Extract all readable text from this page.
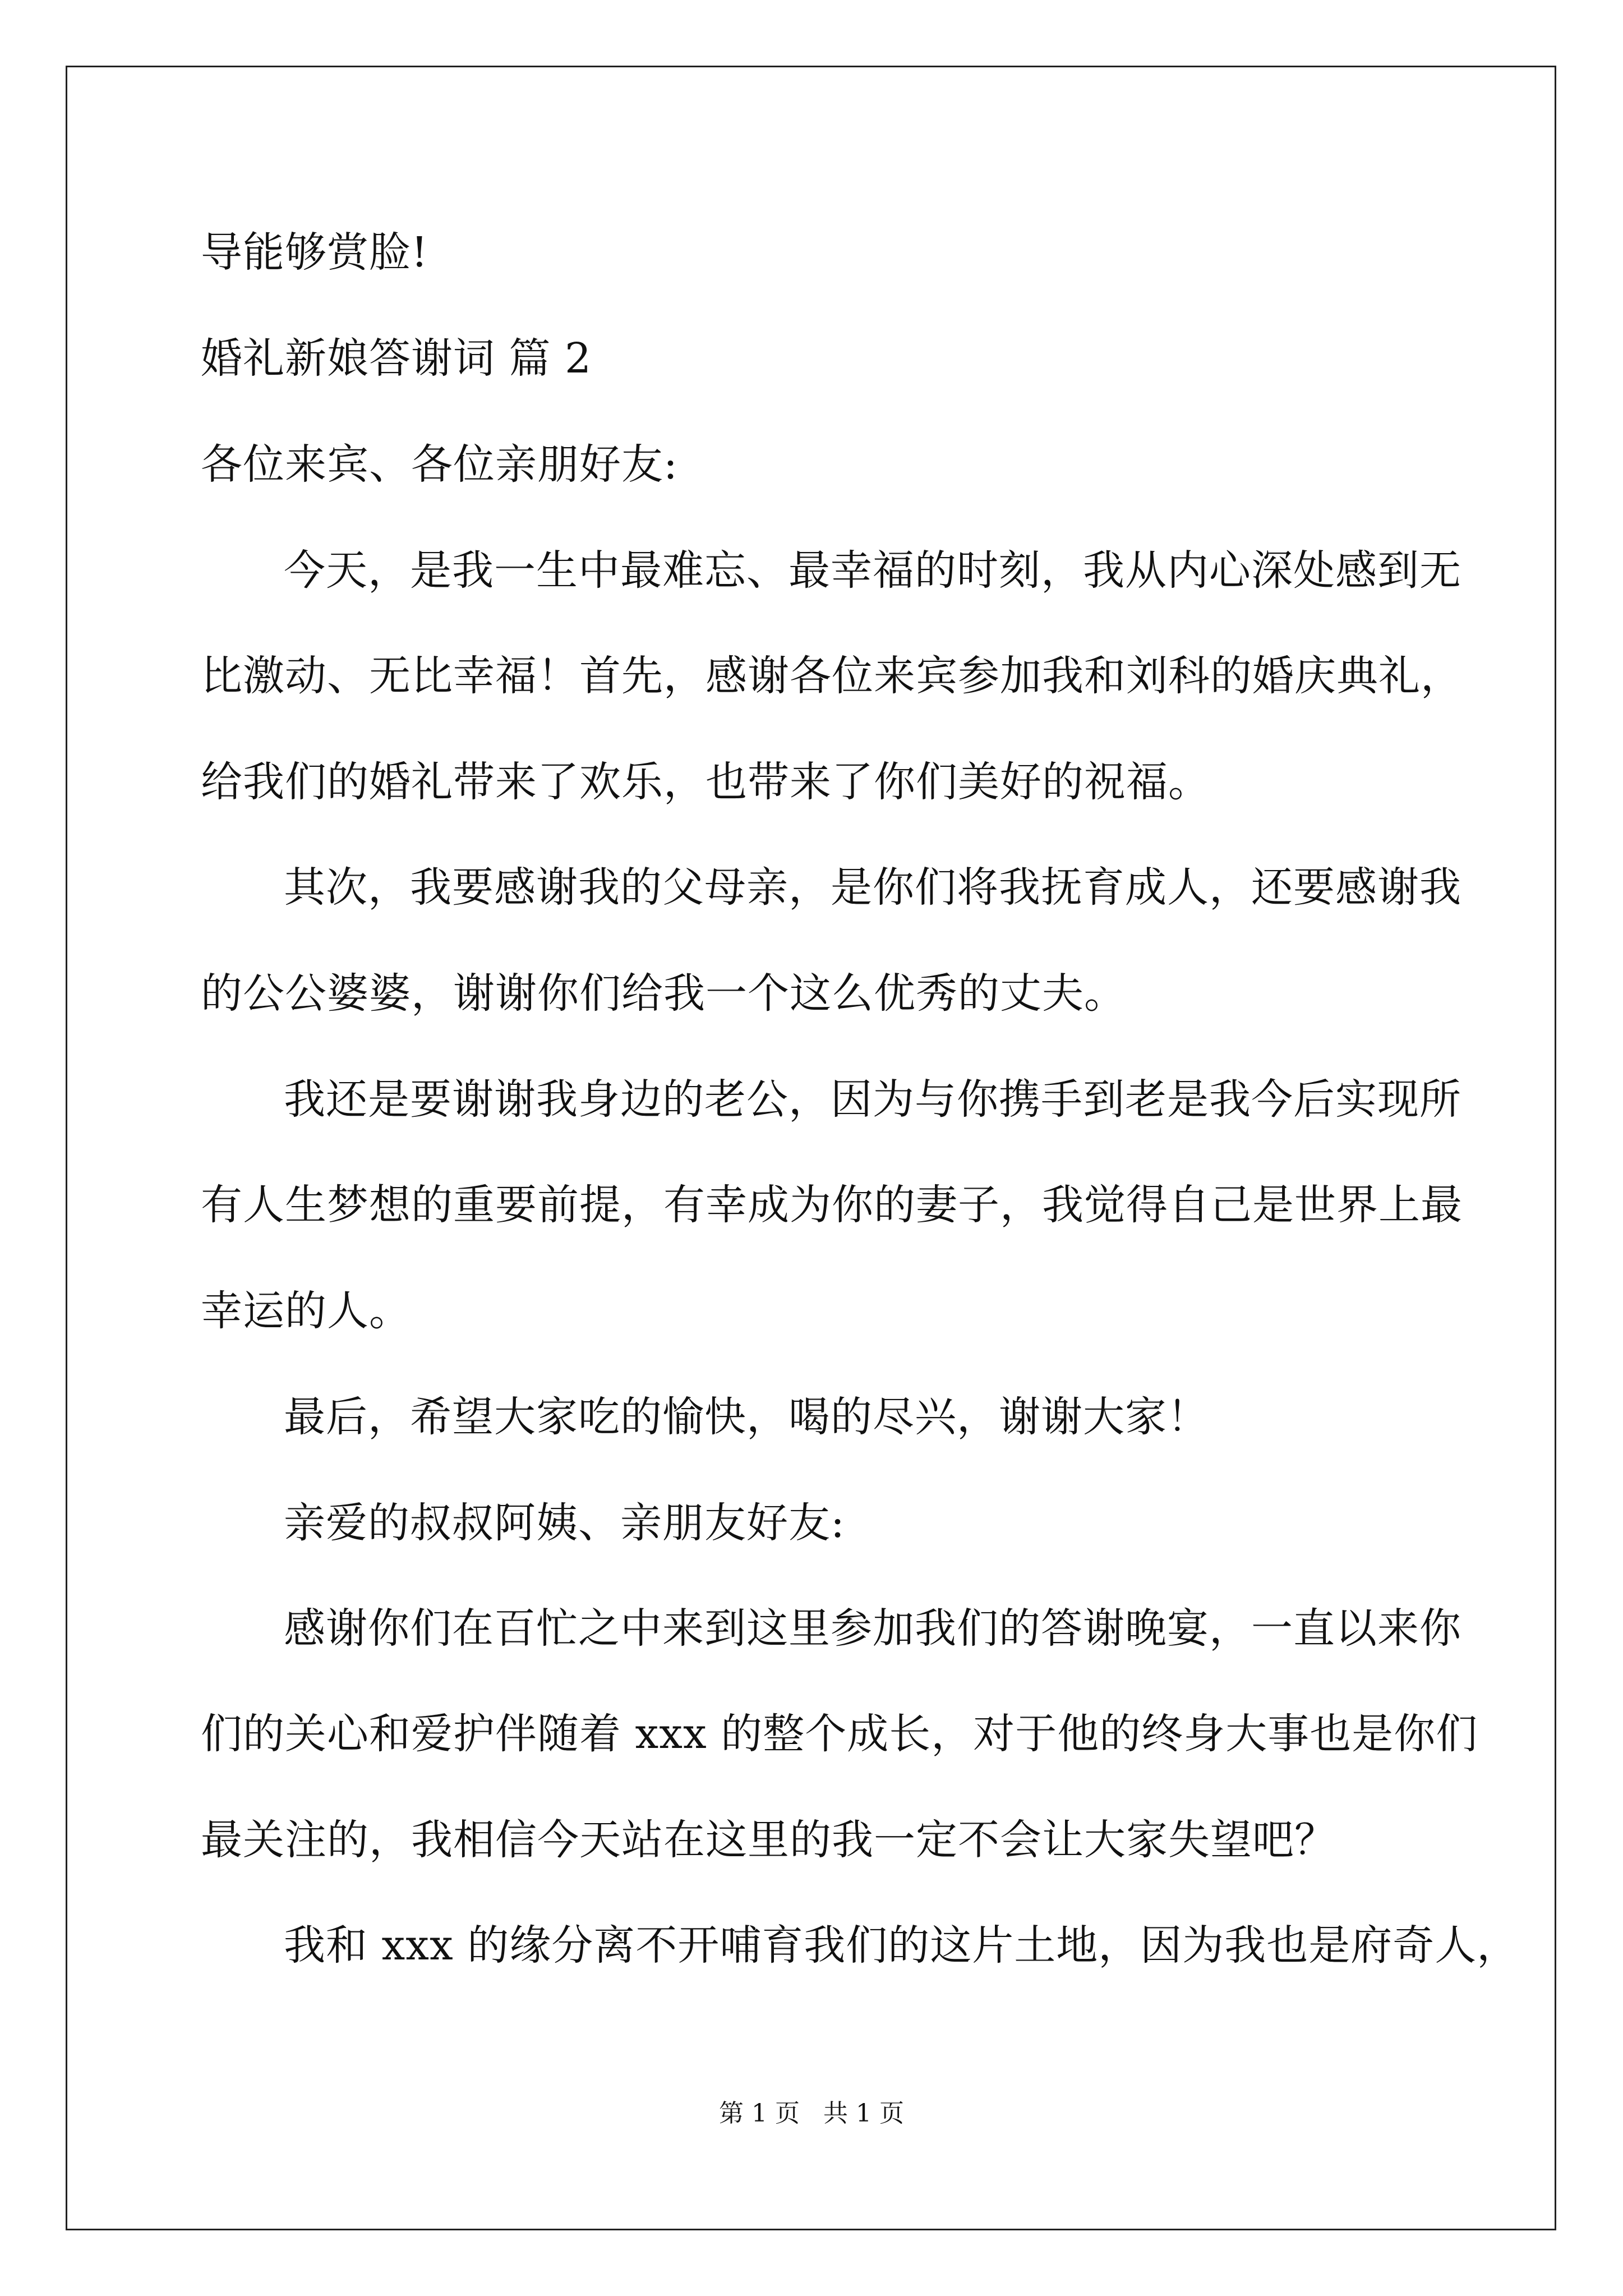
导能够赏脸!
婚礼新娘答谢词 篇 2
各位来宾、各位亲朋好友:
今天，是我一生中最难忘、最幸福的时刻，我从内心深处感到无
比激动、无比幸福！首先，感谢各位来宾参加我和刘科的婚庆典礼，
给我们的婚礼带来了欢乐，也带来了你们美好的祝福。
其次，我要感谢我的父母亲，是你们将我抚育成人，还要感谢我
的公公婆婆，谢谢你们给我一个这么优秀的丈夫。
我还是要谢谢我身边的老公，因为与你携手到老是我今后实现所
有人生梦想的重要前提，有幸成为你的妻子，我觉得自己是世界上最
幸运的人。
最后，希望大家吃的愉快，喝的尽兴，谢谢大家！
亲爱的叔叔阿姨、亲朋友好友:
感谢你们在百忙之中来到这里参加我们的答谢晚宴，一直以来你
们的关心和爱护伴随着 xxx 的整个成长，对于他的终身大事也是你们
最关注的，我相信今天站在这里的我一定不会让大家失望吧？
我和 xxx 的缘分离不开哺育我们的这片土地，因为我也是府奇人，
第 1 页   共 1 页
